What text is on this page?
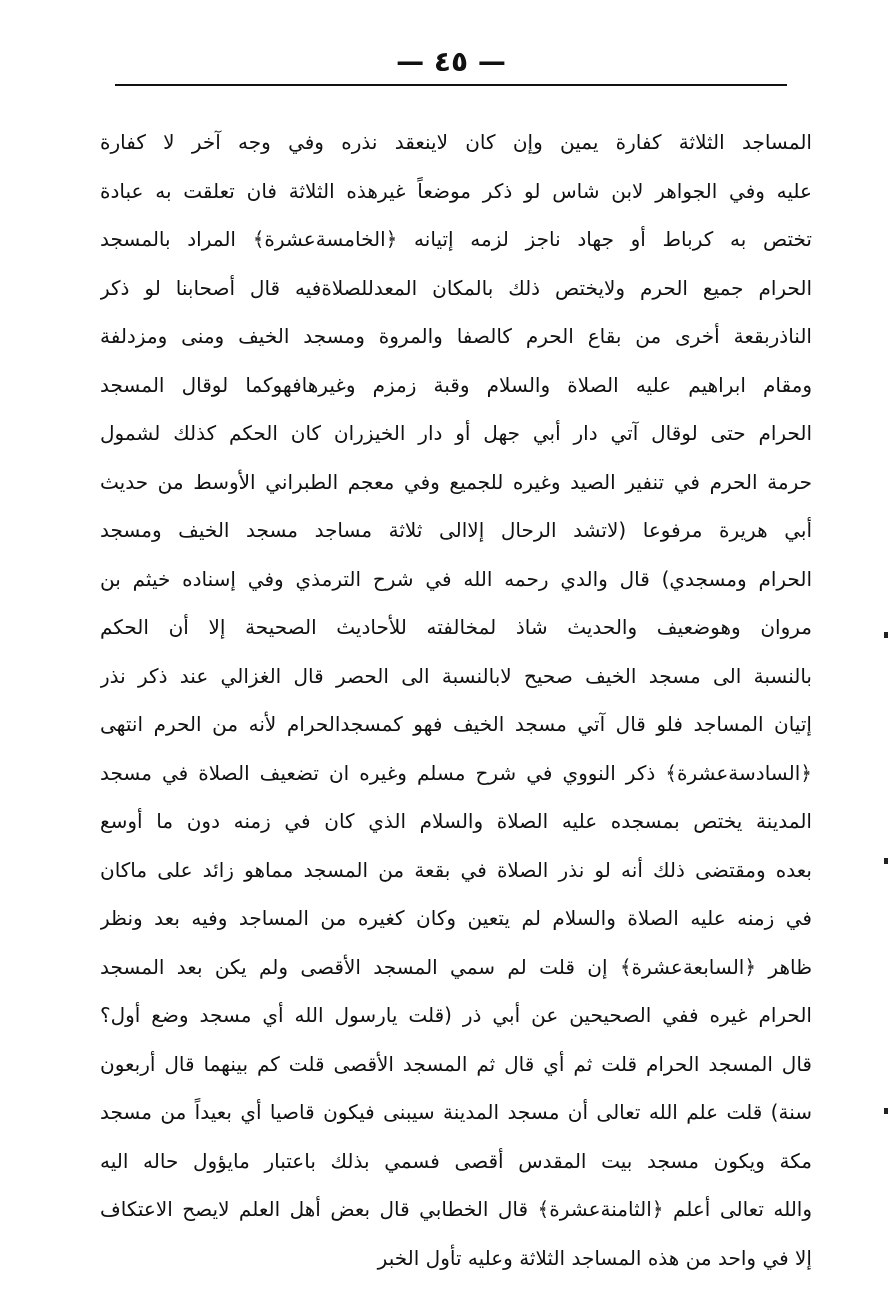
— ٤٥ —
المساجد الثلاثة كفارة يمين وإن كان لاينعقد نذره وفي وجه آخر لا كفارة
عليه وفي الجواهر لابن شاس لو ذكر موضعاً غيرهذه الثلاثة فان تعلقت به عبادة
تختص به كرباط أو جهاد ناجز لزمه إتيانه ﴿الخامسةعشرة﴾ المراد بالمسجد
الحرام جميع الحرم ولايختص ذلك بالمكان المعدللصلاةفيه قال أصحابنا لو ذكر
الناذربقعة أخرى من بقاع الحرم كالصفا والمروة ومسجد الخيف ومنى ومزدلفة
ومقام ابراهيم عليه الصلاة والسلام وقبة زمزم وغيرهافهوكما لوقال المسجد
الحرام حتى لوقال آتي دار أبي جهل أو دار الخيزران كان الحكم كذلك لشمول
حرمة الحرم في تنفير الصيد وغيره للجميع وفي معجم الطبراني الأوسط من حديث
أبي هريرة مرفوعا (لاتشد الرحال إلاالى ثلاثة مساجد مسجد الخيف ومسجد
الحرام ومسجدي) قال والدي رحمه الله في شرح الترمذي وفي إسناده خيثم بن
مروان وهوضعيف والحديث شاذ لمخالفته للأحاديث الصحيحة إلا أن الحكم
بالنسبة الى مسجد الخيف صحيح لابالنسبة الى الحصر قال الغزالي عند ذكر نذر
إتيان المساجد فلو قال آتي مسجد الخيف فهو كمسجدالحرام لأنه من الحرم انتهى
﴿السادسةعشرة﴾ ذكر النووي في شرح مسلم وغيره ان تضعيف الصلاة في مسجد
المدينة يختص بمسجده عليه الصلاة والسلام الذي كان في زمنه دون ما أوسع
بعده ومقتضى ذلك أنه لو نذر الصلاة في بقعة من المسجد مماهو زائد على ماكان
في زمنه عليه الصلاة والسلام لم يتعين وكان كغيره من المساجد وفيه بعد ونظر
ظاهر ﴿السابعةعشرة﴾ إن قلت لم سمي المسجد الأقصى ولم يكن بعد المسجد
الحرام غيره ففي الصحيحين عن أبي ذر (قلت يارسول الله أي مسجد وضع أول؟
قال المسجد الحرام قلت ثم أي قال ثم المسجد الأقصى قلت كم بينهما قال أربعون
سنة) قلت علم الله تعالى أن مسجد المدينة سيبنى فيكون قاصيا أي بعيداً من مسجد
مكة ويكون مسجد بيت المقدس أقصى فسمي بذلك باعتبار مايؤول حاله اليه
والله تعالى أعلم ﴿الثامنةعشرة﴾ قال الخطابي قال بعض أهل العلم لايصح الاعتكاف
إلا في واحد من هذه المساجد الثلاثة وعليه تأول الخبر
